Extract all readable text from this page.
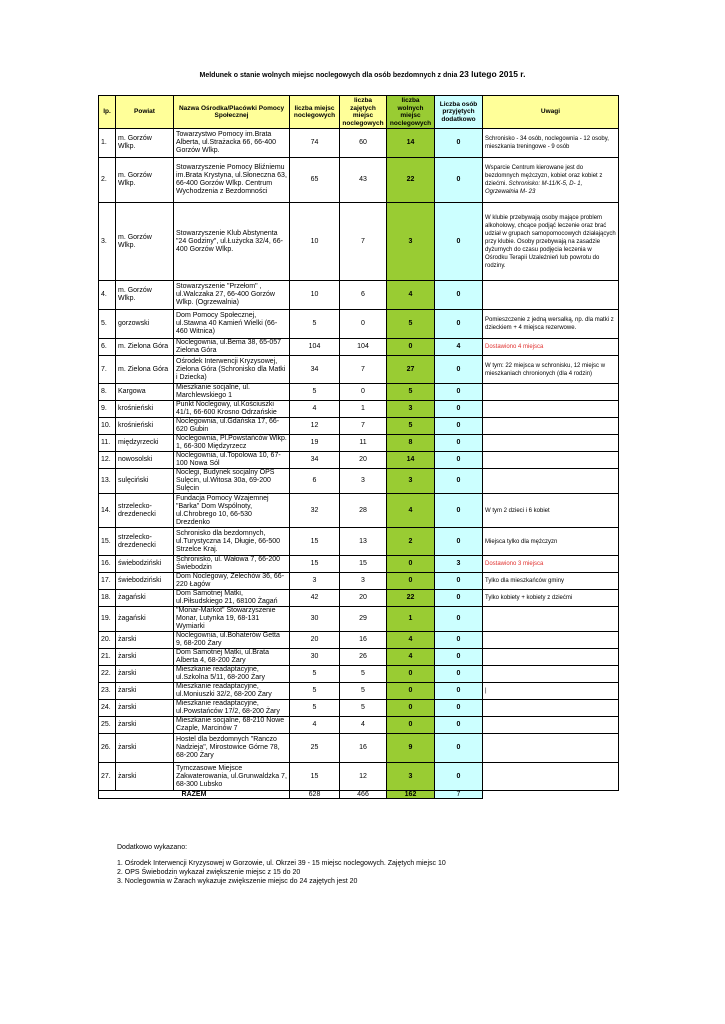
Meldunek o stanie wolnych miejsc noclegowych dla osób bezdomnych z dnia 23 lutego 2015 r.
lp.	Powiat	Nazwa Ośrodka/Placówki Pomocy Społecznej	liczba miejsc noclegowych	liczba zajętych miejsc noclegowych	liczba wolnych miejsc noclegowych	Liczba osób przyjętych dodatkowo	Uwagi
1.	m. Gorzów Wlkp.	Towarzystwo Pomocy im.Brata Alberta, ul.Strażacka 66, 66-400 Gorzów Wlkp.	74	60	14	0	Schronisko - 34 osób, noclegownia - 12 osoby, mieszkania treningowe - 9 osób
2.	m. Gorzów Wlkp.	Stowarzyszenie Pomocy Bliźniemu im.Brata Krystyna, ul.Słoneczna 63, 66-400 Gorzów Wlkp. Centrum Wychodzenia z Bezdomności	65	43	22	0	Wsparcie Centrum kierowane jest do bezdomnych mężczyzn, kobiet oraz kobiet z dziećmi. Schronisko: M-11/K-5, D- 1, Ogrzewalnia M- 23
3.	m. Gorzów Wlkp.	Stowarzyszenie Klub Abstynenta "24 Godziny", ul.Łużycka 32/4, 66-400 Gorzów Wlkp.	10	7	3	0	W klubie przebywają osoby mające problem alkoholowy, chcące podjąć leczenie oraz brać udział w grupach samopomocowych działających przy klubie. Osoby przebywają na zasadzie dyżurnych do czasu podjęcia leczenia w Ośrodku Terapii Uzależnień lub powrotu do rodziny.
4.	m. Gorzów Wlkp.	Stowarzyszenie "Przełom" , ul.Walczaka 27, 66-400 Gorzów Wlkp. (Ogrzewalnia)	10	6	4	0	
5.	gorzowski	Dom Pomocy Społecznej, ul.Stawna 40 Kamień Wielki (66-460 Witnica)	5	0	5	0	Pomieszczenie z jedną wersalką, np. dla matki z dzieckiem + 4 miejsca rezerwowe.
6.	m. Zielona Góra	Noclegownia, ul.Bema 38, 65-057 Zielona Góra	104	104	0	4	Dostawiono 4 miejsca
7.	m. Zielona Góra	Ośrodek Interwencji Kryzysowej, Zielona Góra (Schronisko dla Matki i Dziecka)	34	7	27	0	W tym: 22 miejsca w schronisku, 12 miejsc w mieszkaniach chronionych (dla 4 rodzin)
8.	Kargowa	Mieszkanie socjalne, ul. Marchlewskiego 1	5	0	5	0	
9.	krośnieński	Punkt Noclegowy, ul.Kościuszki 41/1, 66-600 Krosno Odrzańskie	4	1	3	0	
10.	krośnieński	Noclegownia, ul.Gdańska 17, 66-620 Gubin	12	7	5	0	
11.	międzyrzecki	Noclegownia, Pl.Powstańców Wlkp. 1, 66-300 Międzyrzecz	19	11	8	0	
12.	nowosolski	Noclegownia, ul.Topolowa 10, 67-100 Nowa Sól	34	20	14	0	
13.	sulęciński	Noclegi, Budynek socjalny OPS Sulęcin, ul.Witosa 30a, 69-200 Sulęcin	6	3	3	0	
14.	strzelecko-drezdenecki	Fundacja Pomocy Wzajemnej "Barka" Dom Wspólnoty, ul.Chrobrego 10, 66-530 Drezdenko	32	28	4	0	W tym 2 dzieci i 6 kobiet
15.	strzelecko-drezdenecki	Schronisko dla bezdomnych, ul.Turystyczna 14, Długie, 66-500 Strzelce Kraj.	15	13	2	0	Miejsca tylko dla mężczyzn
16.	świebodziński	Schronisko, ul. Wałowa 7, 66-200 Świebodzin	15	15	0	3	Dostawiono 3 miejsca
17.	świebodziński	Dom Noclegowy, Żelechów 36, 66-220 Łagów	3	3	0	0	Tylko dla mieszkańców gminy
18.	żagański	Dom Samotnej Matki, ul.Piłsudskiego 21, 68100 Żagań	42	20	22	0	Tylko kobiety + kobiety z dziećmi
19.	żagański	"Monar-Markot" Stowarzyszenie Monar, Lutynka 19, 68-131 Wymiarki	30	29	1	0	
20.	żarski	Noclegownia, ul.Bohaterów Getta 9, 68-200 Żary	20	16	4	0	
21.	żarski	Dom Samotnej Matki, ul.Brata Alberta 4, 68-200 Żary	30	26	4	0	
22.	żarski	Mieszkanie readaptacyjne, ul.Szkolna 5/11, 68-200 Żary	5	5	0	0	
23.	żarski	Mieszkanie readaptacyjne, ul.Moniuszki 32/2, 68-200 Żary	5	5	0	0	|
24.	żarski	Mieszkanie readaptacyjne, ul.Powstańców 17/2, 68-200 Żary	5	5	0	0	
25.	żarski	Mieszkanie socjalne, 68-210 Nowe Czaple, Marcinów 7	4	4	0	0	
26.	żarski	Hostel dla bezdomnych "Ranczo Nadzieja", Mirostowice Górne 78, 68-200 Żary	25	16	9	0	
27.	żarski	Tymczasowe Miejsce Zakwaterowania, ul.Grunwaldzka 7, 68-300 Lubsko	15	12	3	0	
RAZEM			628	466	162	7	
Dodatkowo wykazano:
1. Ośrodek Interwencji Kryzysowej w Gorzowie, ul. Okrzei 39 - 15 miejsc noclegowych. Zajętych miejsc 10
2. OPS Świebodzin wykazał zwiększenie miejsc z 15 do 20
3. Noclegownia w Żarach wykazuje zwiększenie miejsc do 24 zajętych jest 20
